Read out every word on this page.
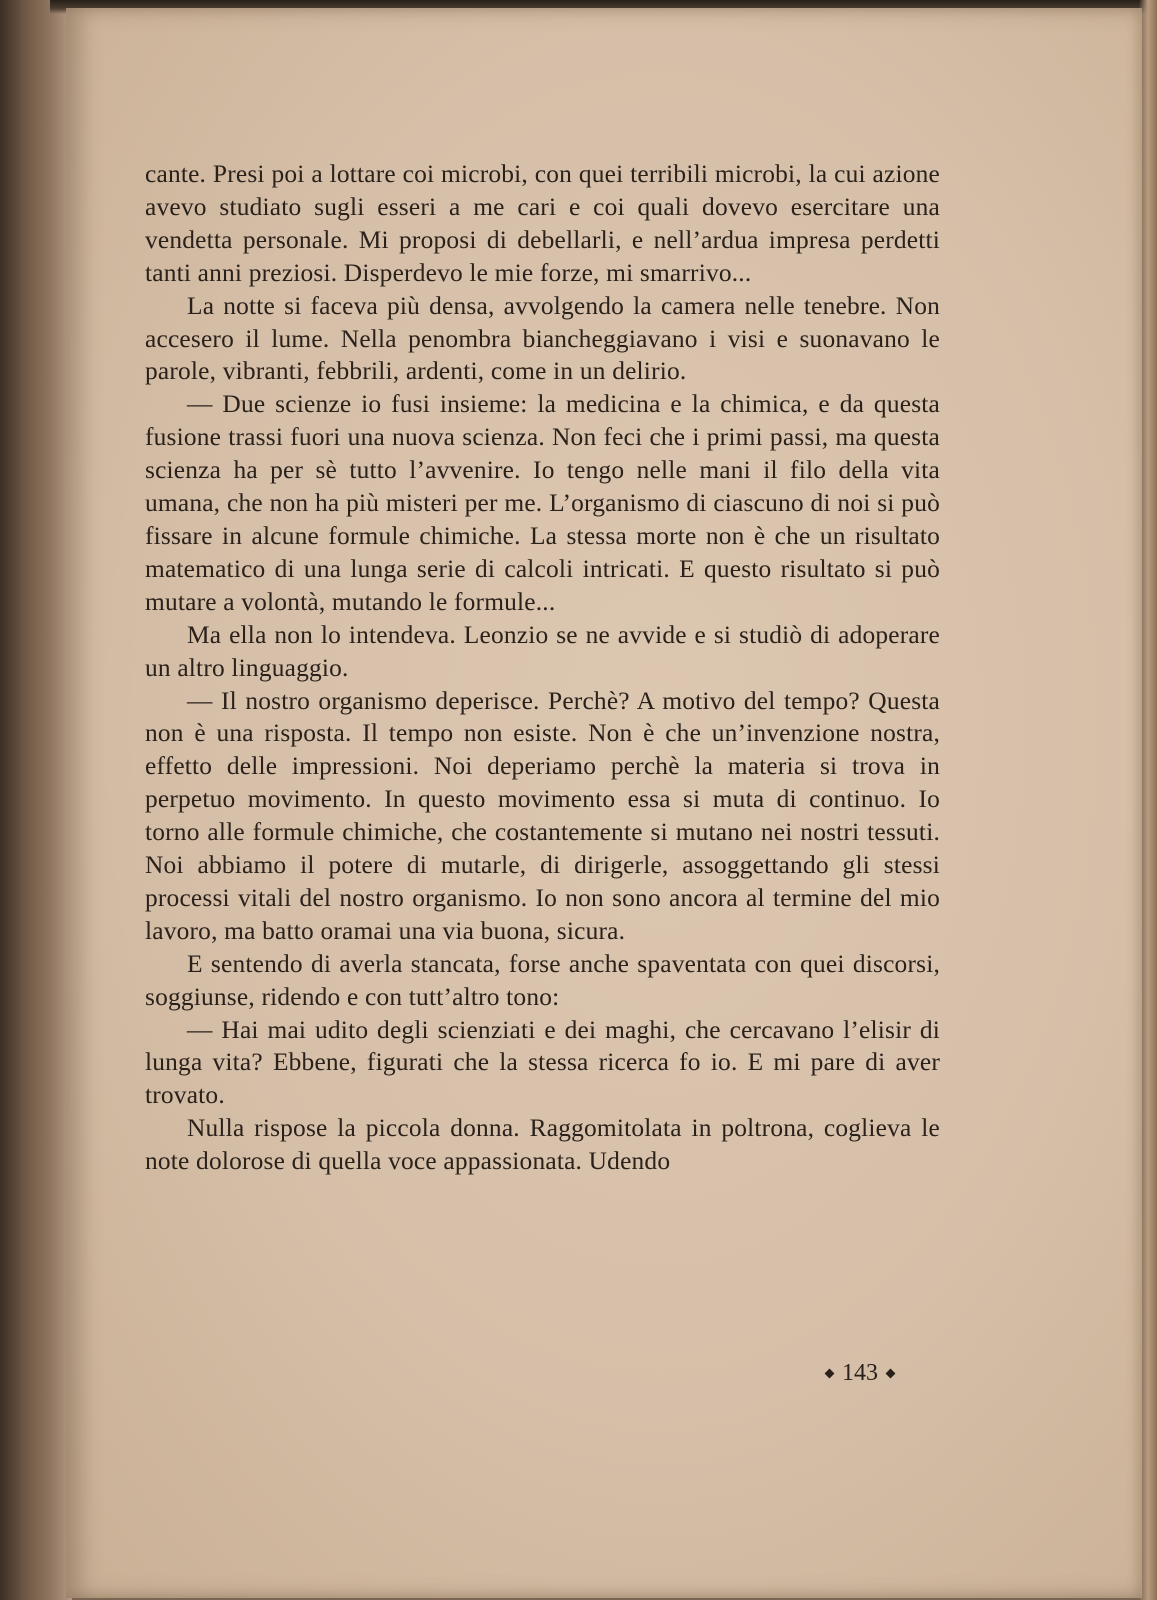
cante. Presi poi a lottare coi microbi, con quei terribili microbi, la cui azione avevo studiato sugli esseri a me cari e coi quali dovevo esercitare una vendetta personale. Mi proposi di debellarli, e nell’ardua impresa perdetti tanti anni preziosi. Disperdevo le mie forze, mi smarrivo...

La notte si faceva più densa, avvolgendo la camera nelle tenebre. Non accesero il lume. Nella penombra biancheggiavano i visi e suonavano le parole, vibranti, febbrili, ardenti, come in un delirio.

— Due scienze io fusi insieme: la medicina e la chimica, e da questa fusione trassi fuori una nuova scienza. Non feci che i primi passi, ma questa scienza ha per sè tutto l’avvenire. Io tengo nelle mani il filo della vita umana, che non ha più misteri per me. L’organismo di ciascuno di noi si può fissare in alcune formule chimiche. La stessa morte non è che un risultato matematico di una lunga serie di calcoli intricati. E questo risultato si può mutare a volontà, mutando le formule...

Ma ella non lo intendeva. Leonzio se ne avvide e si studiò di adoperare un altro linguaggio.

— Il nostro organismo deperisce. Perchè? A motivo del tempo? Questa non è una risposta. Il tempo non esiste. Non è che un’invenzione nostra, effetto delle impressioni. Noi deperiamo perchè la materia si trova in perpetuo movimento. In questo movimento essa si muta di continuo. Io torno alle formule chimiche, che costantemente si mutano nei nostri tessuti. Noi abbiamo il potere di mutarle, di dirigerle, assoggettando gli stessi processi vitali del nostro organismo. Io non sono ancora al termine del mio lavoro, ma batto oramai una via buona, sicura.

E sentendo di averla stancata, forse anche spaventata con quei discorsi, soggiunse, ridendo e con tutt’altro tono:

— Hai mai udito degli scienziati e dei maghi, che cercavano l’elisir di lunga vita? Ebbene, figurati che la stessa ricerca fo io. E mi pare di aver trovato.

Nulla rispose la piccola donna. Raggomitolata in poltrona, coglieva le note dolorose di quella voce appassionata. Udendo

143
